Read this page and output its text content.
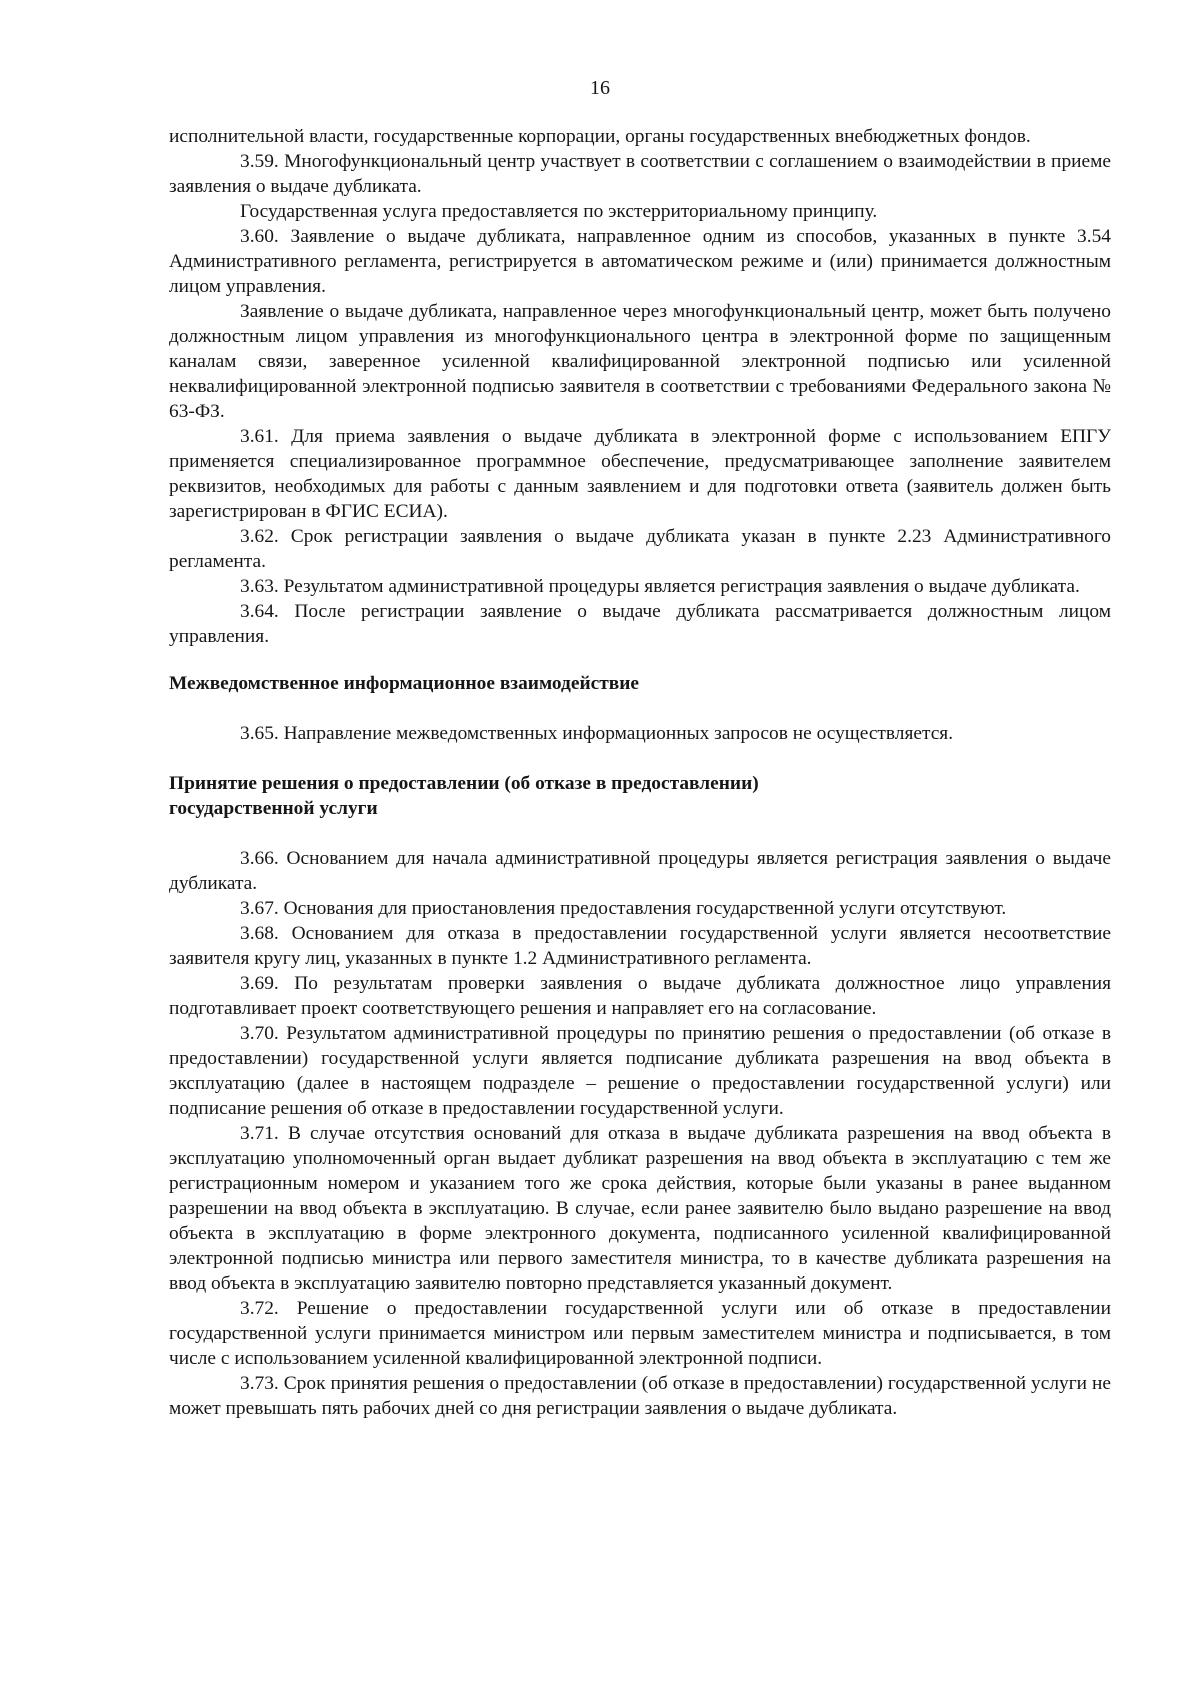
16

исполнительной власти, государственные корпорации, органы государственных внебюджетных фондов.

3.59. Многофункциональный центр участвует в соответствии с соглашением о взаимодействии в приеме заявления о выдаче дубликата.

Государственная услуга предоставляется по экстерриториальному принципу.

3.60. Заявление о выдаче дубликата, направленное одним из способов, указанных в пункте 3.54 Административного регламента, регистрируется в автоматическом режиме и (или) принимается должностным лицом управления.

Заявление о выдаче дубликата, направленное через многофункциональный центр, может быть получено должностным лицом управления из многофункционального центра в электронной форме по защищенным каналам связи, заверенное усиленной квалифицированной электронной подписью или усиленной неквалифицированной электронной подписью заявителя в соответствии с требованиями Федерального закона № 63-ФЗ.

3.61. Для приема заявления о выдаче дубликата в электронной форме с использованием ЕПГУ применяется специализированное программное обеспечение, предусматривающее заполнение заявителем реквизитов, необходимых для работы с данным заявлением и для подготовки ответа (заявитель должен быть зарегистрирован в ФГИС ЕСИА).

3.62. Срок регистрации заявления о выдаче дубликата указан в пункте 2.23 Административного регламента.

3.63. Результатом административной процедуры является регистрация заявления о выдаче дубликата.

3.64. После регистрации заявление о выдаче дубликата рассматривается должностным лицом управления.

Межведомственное информационное взаимодействие

3.65. Направление межведомственных информационных запросов не осуществляется.

Принятие решения о предоставлении (об отказе в предоставлении)

государственной услуги

3.66. Основанием для начала административной процедуры является регистрация заявления о выдаче дубликата.

3.67. Основания для приостановления предоставления государственной услуги отсутствуют.

3.68. Основанием для отказа в предоставлении государственной услуги является несоответствие заявителя кругу лиц, указанных в пункте 1.2 Административного регламента.

3.69. По результатам проверки заявления о выдаче дубликата должностное лицо управления подготавливает проект соответствующего решения и направляет его на согласование.

3.70. Результатом административной процедуры по принятию решения о предоставлении (об отказе в предоставлении) государственной услуги является подписание дубликата разрешения на ввод объекта в эксплуатацию (далее в настоящем подразделе – решение о предоставлении государственной услуги) или подписание решения об отказе в предоставлении государственной услуги.

3.71. В случае отсутствия оснований для отказа в выдаче дубликата разрешения на ввод объекта в эксплуатацию уполномоченный орган выдает дубликат разрешения на ввод объекта в эксплуатацию с тем же регистрационным номером и указанием того же срока действия, которые были указаны в ранее выданном разрешении на ввод объекта в эксплуатацию. В случае, если ранее заявителю было выдано разрешение на ввод объекта в эксплуатацию в форме электронного документа, подписанного усиленной квалифицированной электронной подписью министра или первого заместителя министра, то в качестве дубликата разрешения на ввод объекта в эксплуатацию заявителю повторно представляется указанный документ.

3.72. Решение о предоставлении государственной услуги или об отказе в предоставлении государственной услуги принимается министром или первым заместителем министра и подписывается, в том числе с использованием усиленной квалифицированной электронной подписи.

3.73. Срок принятия решения о предоставлении (об отказе в предоставлении) государственной услуги не может превышать пять рабочих дней со дня регистрации заявления о выдаче дубликата.
